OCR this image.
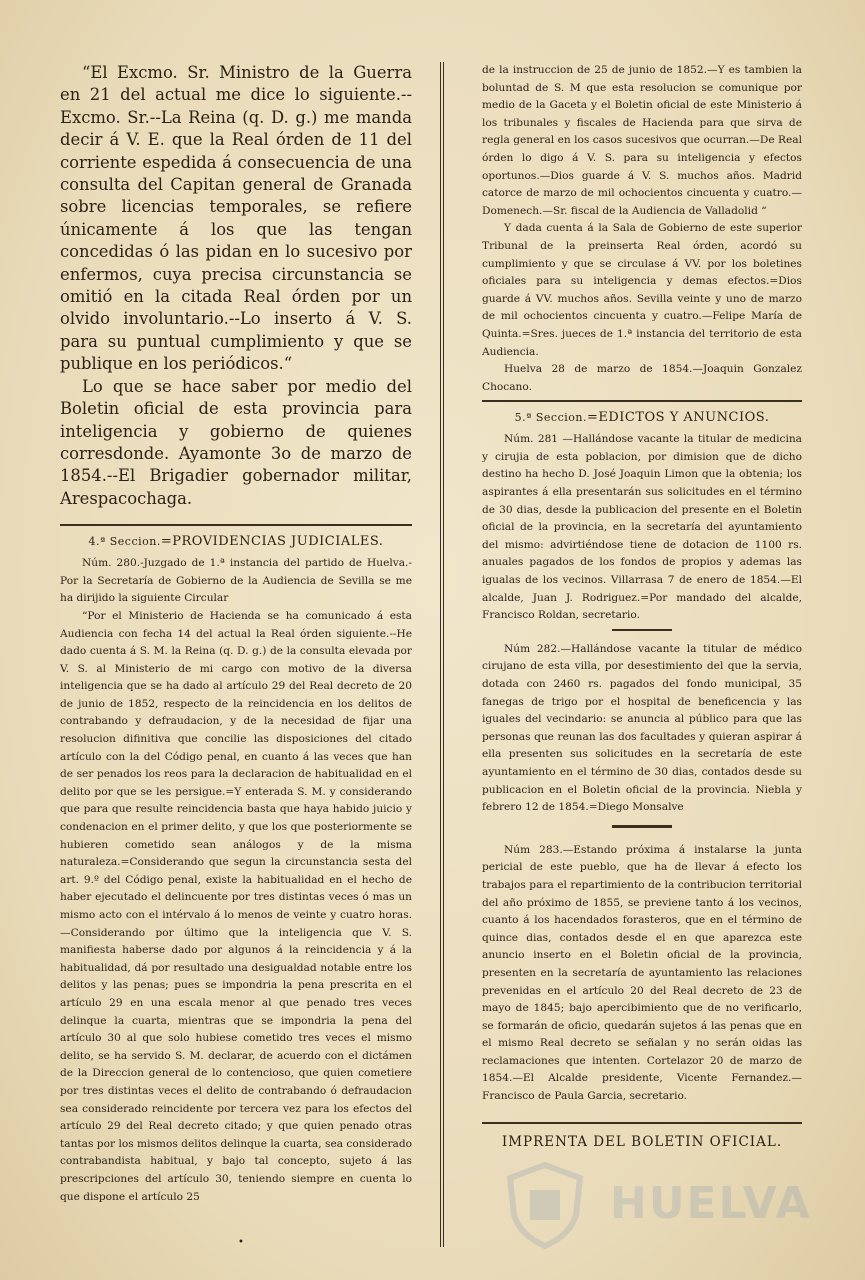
“El Excmo. Sr. Ministro de la Guerra en 21 del actual me dice lo siguiente.--Excmo. Sr.--La Reina (q. D. g.) me manda decir á V. E. que la Real órden de 11 del corriente espedida á consecuencia de una consulta del Capitan general de Granada sobre licencias temporales, se refiere únicamente á los que las tengan concedidas ó las pidan en lo sucesivo por enfermos, cuya precisa circunstancia se omitió en la citada Real órden por un olvido involuntario.--Lo inserto á V. S. para su puntual cumplimiento y que se publique en los periódicos.“

Lo que se hace saber por medio del Boletin oficial de esta provincia para inteligencia y gobierno de quienes corresdonde. Ayamonte 3o de marzo de 1854.--El Brigadier gobernador militar, Arespacochaga.

4.ª Seccion.=PROVIDENCIAS JUDICIALES.

Núm. 280.-Juzgado de 1.ª instancia del partido de Huelva.-Por la Secretaría de Gobierno de la Audiencia de Sevilla se me ha dirijido la siguiente Circular

“Por el Ministerio de Hacienda se ha comunicado á esta Audiencia con fecha 14 del actual la Real órden siguiente.--He dado cuenta á S. M. la Reina (q. D. g.) de la consulta elevada por V. S. al Ministerio de mi cargo con motivo de la diversa inteligencia que se ha dado al artículo 29 del Real decreto de 20 de junio de 1852, respecto de la reincidencia en los delitos de contrabando y defraudacion, y de la necesidad de fijar una resolucion difinitiva que concilie las disposiciones del citado artículo con la del Código penal, en cuanto á las veces que han de ser penados los reos para la declaracion de habitualidad en el delito por que se les persigue.=Y enterada S. M. y considerando que para que resulte reincidencia basta que haya habido juicio y condenacion en el primer delito, y que los que posteriormente se hubieren cometido sean análogos y de la misma naturaleza.=Considerando que segun la circunstancia sesta del art. 9.º del Código penal, existe la habitualidad en el hecho de haber ejecutado el delincuente por tres distintas veces ó mas un mismo acto con el intérvalo á lo menos de veinte y cuatro horas.—Considerando por último que la inteligencia que V. S. manifiesta haberse dado por algunos á la reincidencia y á la habitualidad, dá por resultado una desigualdad notable entre los delitos y las penas; pues se impondria la pena prescrita en el artículo 29 en una escala menor al que penado tres veces delinque la cuarta, mientras que se impondria la pena del artículo 30 al que solo hubiese cometido tres veces el mismo delito, se ha servido S. M. declarar, de acuerdo con el dictámen de la Direccion general de lo contencioso, que quien cometiere por tres distintas veces el delito de contrabando ó defraudacion sea considerado reincidente por tercera vez para los efectos del artículo 29 del Real decreto citado; y que quien penado otras tantas por los mismos delitos delinque la cuarta, sea considerado contrabandista habitual, y bajo tal concepto, sujeto á las prescripciones del artículo 30, teniendo siempre en cuenta lo que dispone el artículo 25

de la instruccion de 25 de junio de 1852.—Y es tambien la boluntad de S. M que esta resolucion se comunique por medio de la Gaceta y el Boletin oficial de este Ministerio á los tribunales y fiscales de Hacienda para que sirva de regla general en los casos sucesivos que ocurran.—De Real órden lo digo á V. S. para su inteligencia y efectos oportunos.—Dios guarde á V. S. muchos años. Madrid catorce de marzo de mil ochocientos cincuenta y cuatro.—Domenech.—Sr. fiscal de la Audiencia de Valladolid “

Y dada cuenta á la Sala de Gobierno de este superior Tribunal de la preinserta Real órden, acordó su cumplimiento y que se circulase á VV. por los boletines oficiales para su inteligencia y demas efectos.=Dios guarde á VV. muchos años. Sevilla veinte y uno de marzo de mil ochocientos cincuenta y cuatro.—Felipe María de Quinta.=Sres. jueces de 1.ª instancia del territorio de esta Audiencia.

Huelva 28 de marzo de 1854.—Joaquin Gonzalez Chocano.

5.ª Seccion.=EDICTOS Y ANUNCIOS.

Núm. 281 —Hallándose vacante la titular de medicina y cirujia de esta poblacion, por dimision que de dicho destino ha hecho D. José Joaquin Limon que la obtenia; los aspirantes á ella presentarán sus solicitudes en el término de 30 dias, desde la publicacion del presente en el Boletin oficial de la provincia, en la secretaría del ayuntamiento del mismo: advirtiéndose tiene de dotacion de 1100 rs. anuales pagados de los fondos de propios y ademas las igualas de los vecinos. Villarrasa 7 de enero de 1854.—El alcalde, Juan J. Rodriguez.=Por mandado del alcalde, Francisco Roldan, secretario.

Núm 282.—Hallándose vacante la titular de médico cirujano de esta villa, por desestimiento del que la servia, dotada con 2460 rs. pagados del fondo municipal, 35 fanegas de trigo por el hospital de beneficencia y las iguales del vecindario: se anuncia al público para que las personas que reunan las dos facultades y quieran aspirar á ella presenten sus solicitudes en la secretaría de este ayuntamiento en el término de 30 dias, contados desde su publicacion en el Boletin oficial de la provincia. Niebla y febrero 12 de 1854.=Diego Monsalve

Núm 283.—Estando próxima á instalarse la junta pericial de este pueblo, que ha de llevar á efecto los trabajos para el repartimiento de la contribucion territorial del año próximo de 1855, se previene tanto á los vecinos, cuanto á los hacendados forasteros, que en el término de quince dias, contados desde el en que aparezca este anuncio inserto en el Boletin oficial de la provincia, presenten en la secretaría de ayuntamiento las relaciones prevenidas en el artículo 20 del Real decreto de 23 de mayo de 1845; bajo apercibimiento que de no verificarlo, se formarán de oficio, quedarán sujetos á las penas que en el mismo Real decreto se señalan y no serán oidas las reclamaciones que intenten. Cortelazor 20 de marzo de 1854.—El Alcalde presidente, Vicente Fernandez.—Francisco de Paula Garcia, secretario.

IMPRENTA DEL BOLETIN OFICIAL.
HUELVA
•
